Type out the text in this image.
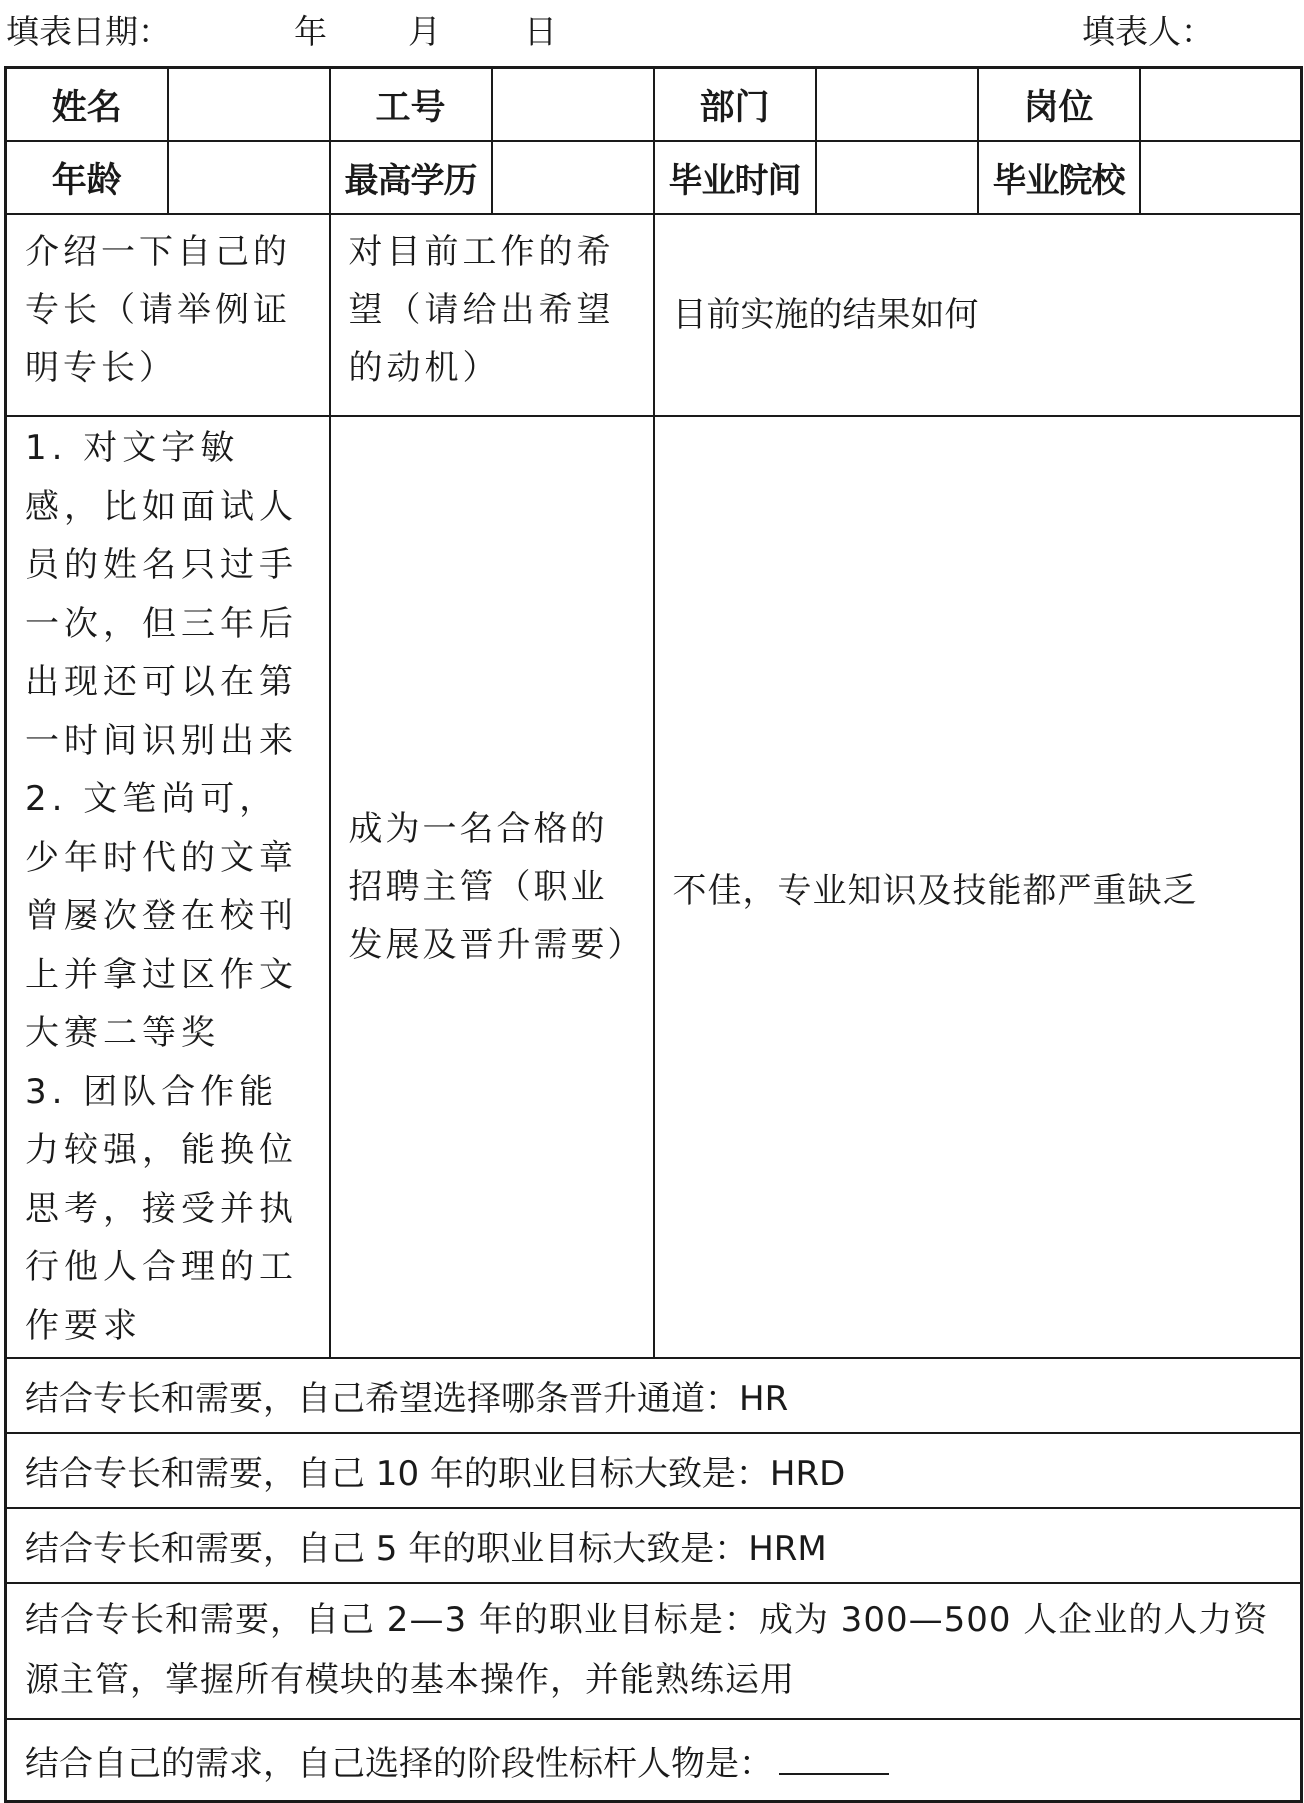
填表日期：	年 月	日	填表人：
姓名		工号		部门		岗位	
年龄		最高学历		毕业时间		毕业院校	
介绍一下自己的专长（请举例证明专长）		对目前工作的希望（请给出希望的动机）		目前实施的结果如何			

1. 对文字敏感，比如面试人员的姓名只过手一次，但三年后出现还可以在第一时间识别出来

2. 文笔尚可，少年时代的文章曾屡次登在校刊上并拿过区作文大赛二等奖

3. 团队合作能力较强，能换位思考，接受并执行他人合理的工作要求		成为一名合格的招聘主管（职业发展及晋升需要）		不佳，专业知识及技能都严重缺乏			
结合专长和需要，自己希望选择哪条晋升通道：HR							
结合专长和需要，自己 10 年的职业目标大致是：HRD							
结合专长和需要，自己 5 年的职业目标大致是：HRM							
结合专长和需要，自己 2—3 年的职业目标是：成为 300—500 人企业的人力资源主管，掌握所有模块的基本操作，并能熟练运用							
结合自己的需求，自己选择的阶段性标杆人物是：							
